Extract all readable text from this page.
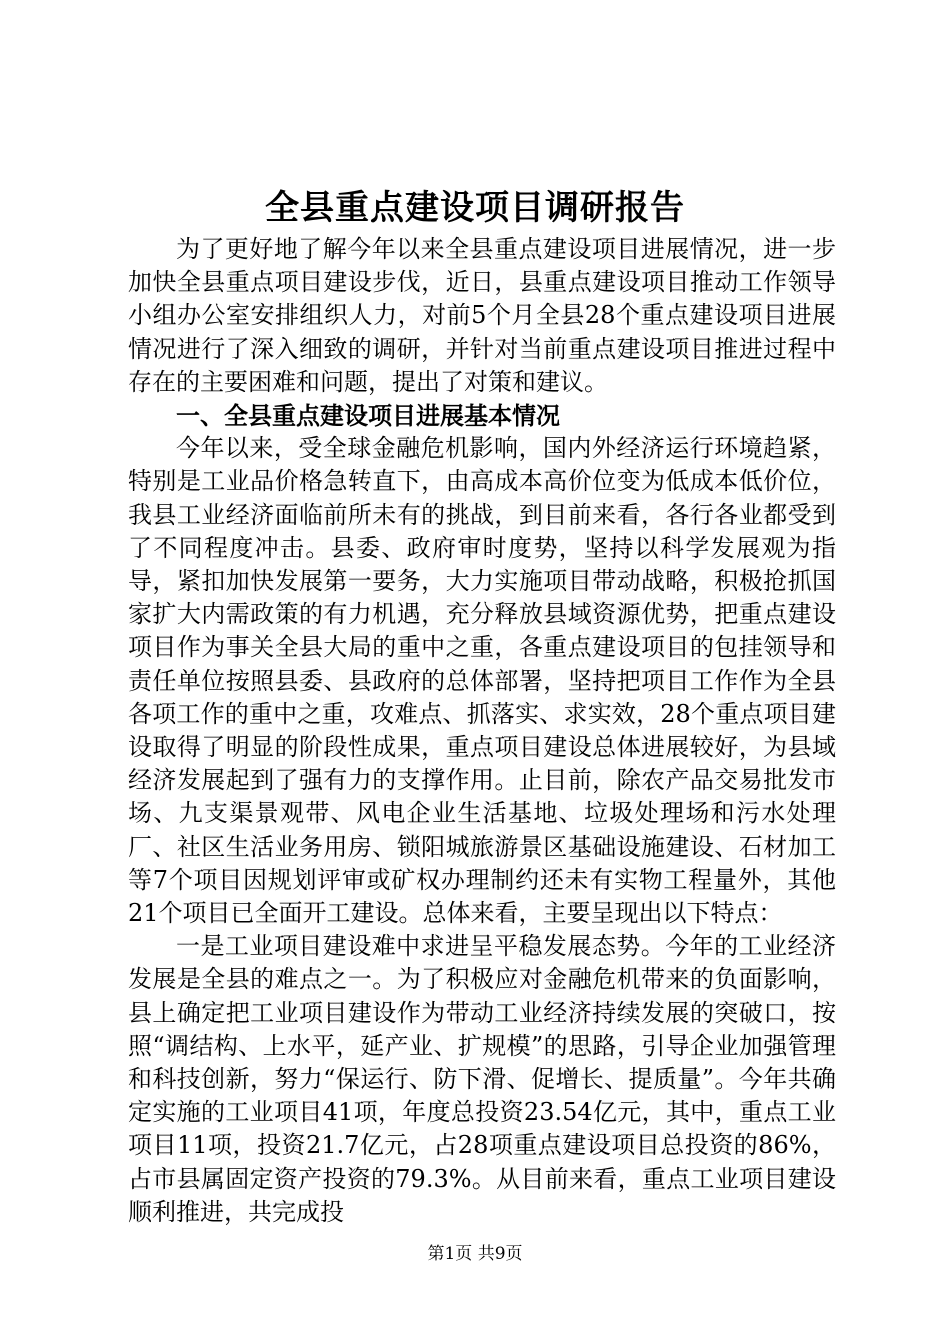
全县重点建设项目调研报告

为了更好地了解今年以来全县重点建设项目进展情况，进一步加快全县重点项目建设步伐，近日，县重点建设项目推动工作领导小组办公室安排组织人力，对前5个月全县28个重点建设项目进展情况进行了深入细致的调研，并针对当前重点建设项目推进过程中存在的主要困难和问题，提出了对策和建议。

一、全县重点建设项目进展基本情况

今年以来，受全球金融危机影响，国内外经济运行环境趋紧，特别是工业品价格急转直下，由高成本高价位变为低成本低价位，我县工业经济面临前所未有的挑战，到目前来看，各行各业都受到了不同程度冲击。县委、政府审时度势，坚持以科学发展观为指导，紧扣加快发展第一要务，大力实施项目带动战略，积极抢抓国家扩大内需政策的有力机遇，充分释放县域资源优势，把重点建设项目作为事关全县大局的重中之重，各重点建设项目的包挂领导和责任单位按照县委、县政府的总体部署，坚持把项目工作作为全县各项工作的重中之重，攻难点、抓落实、求实效，28个重点项目建设取得了明显的阶段性成果，重点项目建设总体进展较好，为县域经济发展起到了强有力的支撑作用。止目前，除农产品交易批发市场、九支渠景观带、风电企业生活基地、垃圾处理场和污水处理厂、社区生活业务用房、锁阳城旅游景区基础设施建设、石材加工等7个项目因规划评审或矿权办理制约还未有实物工程量外，其他21个项目已全面开工建设。总体来看，主要呈现出以下特点：

一是工业项目建设难中求进呈平稳发展态势。今年的工业经济发展是全县的难点之一。为了积极应对金融危机带来的负面影响，县上确定把工业项目建设作为带动工业经济持续发展的突破口，按照“调结构、上水平，延产业、扩规模”的思路，引导企业加强管理和科技创新，努力“保运行、防下滑、促增长、提质量”。今年共确定实施的工业项目41项，年度总投资23.54亿元，其中，重点工业项目11项，投资21.7亿元，占28项重点建设项目总投资的86%，占市县属固定资产投资的79.3%。从目前来看，重点工业项目建设顺利推进，共完成投

第1页 共9页
